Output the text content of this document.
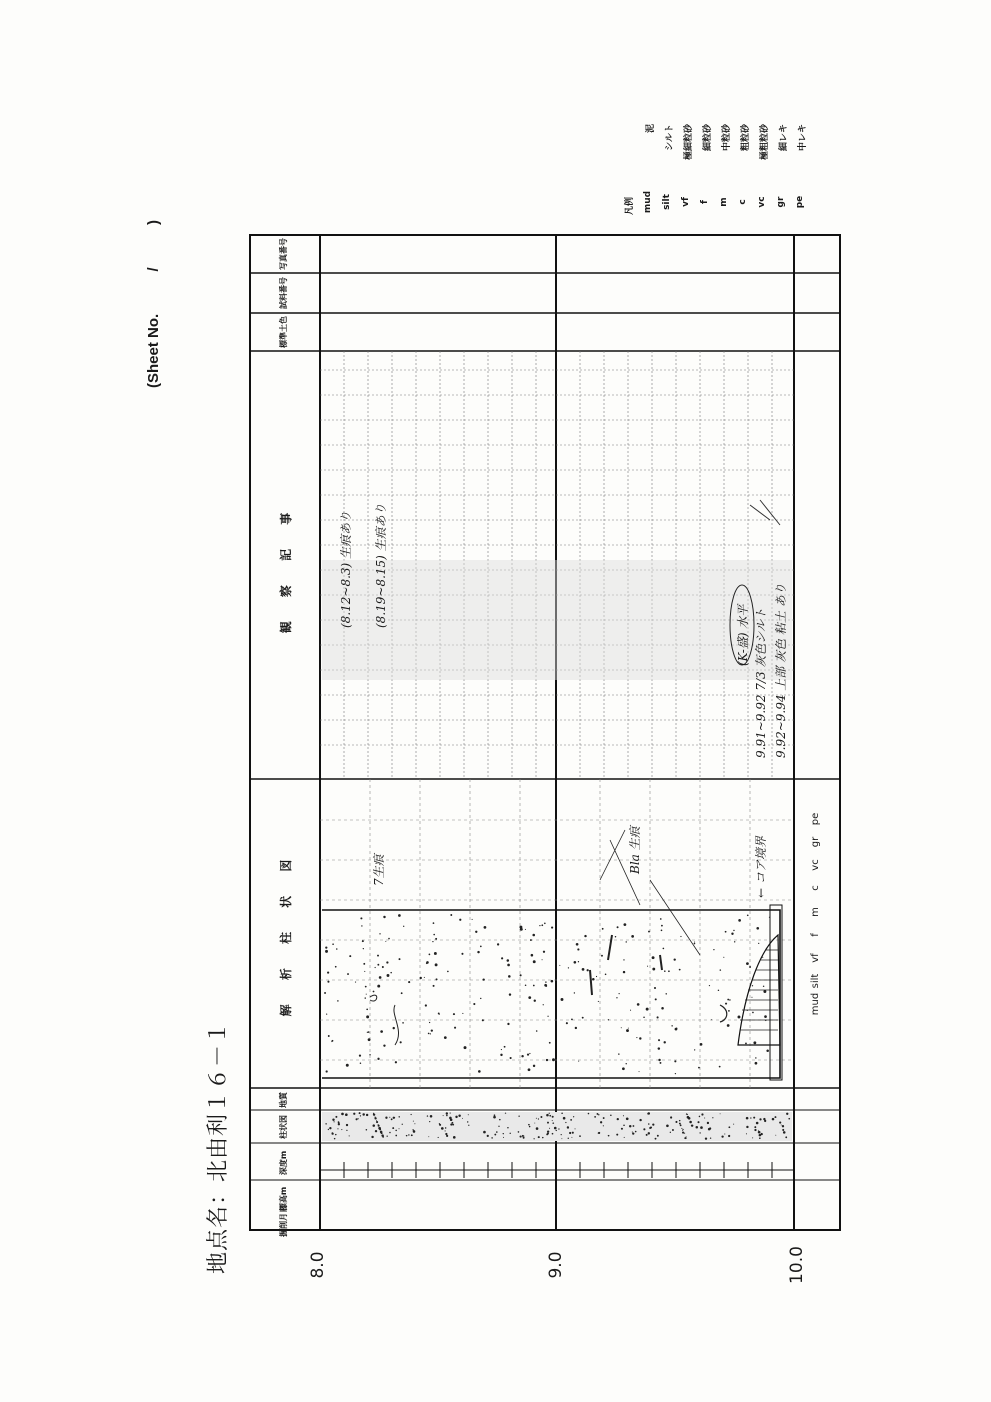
(Sheet No.  /  )
地点名：北由利１６－１	8.0	9.0	10.0
写真番号
試料番号
標準土色
観 察 記 事
解 析 柱 状 図
地質
柱状図
深度m
標高m
掘削月日
(8.12~8.3) 生痕あり (8.19~8.15) 生痕あり
(K-盛) 水平 9.91~9.92 7/3 灰色シルト 9.92~9.94 上部 灰色 粘土 あり
7生痕	Bla 生痕	← コア境界
mud
silt
vf
f
m
c
vc
gr
pe
凡例 mud
泥
silt
シルト
vf
極細粒砂
f
細粒砂
m
中粒砂
c
粗粒砂
vc
極粗粒砂
gr
細レキ
pe
中レキ
